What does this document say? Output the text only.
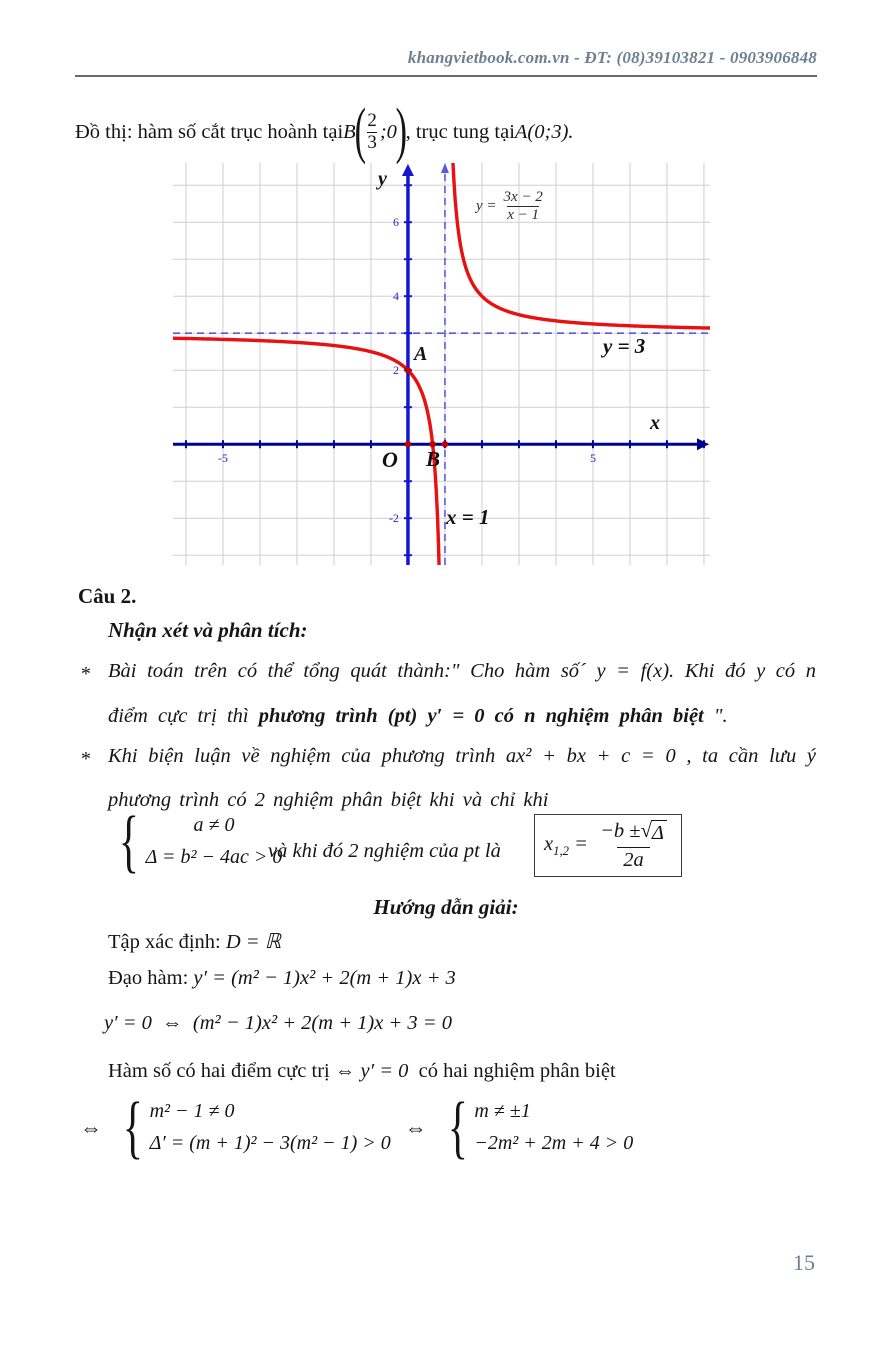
khangvietbook.com.vn - ĐT: (08)39103821 - 0903906848
Đồ thị: hàm số cắt trục hoành tại B
(
$\frac{2}{3}$ ;0
)
, trục tung tại A(0;3).
-5	5
6
4
2
-2
y
x
A
O B
y = 3
x = 1
$y = \frac{3x - 2}{x - 1}$
Câu 2.
Nhận xét và phân tích:
* Bài toán trên có thể tổng quát thành:" Cho hàm số´ y = f(x). Khi đó y có n
điểm cực trị thì phương trình (pt) y′ = 0 có n nghiệm phân biệt ".
* Khi biện luận về nghiệm của phương trình ax² + bx + c = 0 , ta cần lưu ý
phương trình có 2 nghiệm phân biệt khi và chỉ khi
{	a ≠ 0
Δ = b² − 4ac > 0
và khi đó 2 nghiệm của pt là $x_{1,2} = \frac{-b \pm √ \Delta}{2a}$
Hướng dẫn giải:
Tập xác định: D = ℝ
Đạo hàm: y′ = (m² − 1)x² + 2(m + 1)x + 3
y′ = 0  ⇔  (m² − 1)x² + 2(m + 1)x + 3 = 0
Hàm số có hai điểm cực trị ⇔ y′ = 0  có hai nghiệm phân biệt
⇔ { m² − 1 ≠ 0
Δ′ = (m + 1)² − 3(m² − 1) > 0
⇔ { m ≠ ±1
−2m² + 2m + 4 > 0
15
